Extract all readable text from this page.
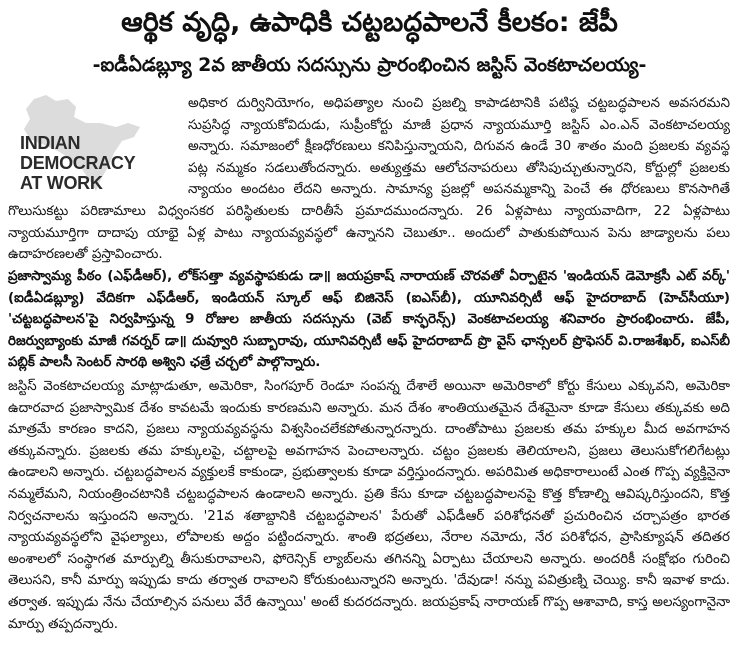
ఆర్థిక వృద్ధి, ఉపాధికి చట్టబద్ధపాలనే కీలకం: జేపీ
-ఐడీఏడబ్ల్యూ 2వ జాతీయ సదస్సును ప్రారంభించిన జస్టిస్ వెంకటాచలయ్య-
INDIAN
DEMOCRACY
AT WORK
అధికార దుర్వినియోగం, అధిపత్యాల నుంచి ప్రజల్ని కాపాడటానికి పటిష్ఠ చట్టబద్ధపాలన అవసరమని సుప్రసిద్ధ న్యాయకోవిదుడు, సుప్రీంకోర్టు మాజీ ప్రధాన న్యాయమూర్తి జస్టిస్ ఎం.ఎన్ వెంకటాచలయ్య అన్నారు. సమాజంలో క్షీణధోరణులు కనిపిస్తున్నాయని, దిగువన ఉండే 30 శాతం మంది ప్రజలకు వ్యవస్థ పట్ల నమ్మకం సడలుతోందన్నారు. అత్యుత్తమ ఆలోచనాపరులు తోసిపుచ్చుతున్నారని, కోర్టుల్లో ప్రజలకు న్యాయం అందటం లేదని అన్నారు. సామాన్య ప్రజల్లో అపనమ్మకాన్ని పెంచే ఈ ధోరణులు కొనసాగితే గొలుసుకట్టు పరిణామాలు విధ్వంసకర పరిస్థితులకు దారితీసే ప్రమాదముందన్నారు. 26 ఏళ్లపాటు న్యాయవాదిగా, 22 ఏళ్లపాటు న్యాయమూర్తిగా దాదాపు యాభై ఏళ్ల పాటు న్యాయవ్యవస్థలో ఉన్నానని చెబుతూ.. అందులో పాతుకుపోయిన పెను జాడ్యాలను పలు ఉదాహరణలతో ప్రస్తావించారు.

ప్రజాస్వామ్య పీఠం (ఎఫ్‌డీఆర్), లోక్‌సత్తా వ్యవస్థాపకుడు డా॥ జయప్రకాష్ నారాయణ్ చొరవతో ఏర్పాటైన 'ఇండియన్ డెమోక్రసీ ఎట్ వర్క్' (ఐడీఏడబ్ల్యూ) వేదికగా ఎఫ్‌డీఆర్, ఇండియన్ స్కూల్ ఆఫ్ బిజినెస్ (ఐఎస్‌బీ), యూనివర్సిటీ ఆఫ్ హైదరాబాద్ (హెచ్‌సీయూ) 'చట్టబద్ధపాలన'పై నిర్వహిస్తున్న 9 రోజుల జాతీయ సదస్సును (వెబ్ కాన్ఫరెన్స్) వెంకటాచలయ్య శనివారం ప్రారంభించారు. జేపీ, రిజర్వుబ్యాంకు మాజీ గవర్నర్ డా॥ దువ్వూరి సుబ్బారావు, యూనివర్సిటీ ఆఫ్ హైదరాబాద్ ప్రొ వైస్ ఛాన్సలర్ ప్రొఫెసర్ వి.రాజశేఖర్, ఐఎస్‌బీ పబ్లిక్ పాలసీ సెంటర్ సారథి అశ్విని ఛత్రే చర్చలో పాల్గొన్నారు.

జస్టిస్ వెంకటాచలయ్య మాట్లాడుతూ, అమెరికా, సింగపూర్ రెండూ సంపన్న దేశాలే అయినా అమెరికాలో కోర్టు కేసులు ఎక్కువని, అమెరికా ఉదారవాద ప్రజాస్వామిక దేశం కావటమే ఇందుకు కారణమని అన్నారు. మన దేశం శాంతియుతమైన దేశమైనా కూడా కేసులు తక్కువకు అది మాత్రమే కారణం కాదని, ప్రజలు న్యాయవ్యవస్థను విశ్వసించలేకపోతున్నారన్నారు. దాంతోపాటు ప్రజలకు తమ హక్కుల మీద అవగాహన తక్కువన్నారు. ప్రజలకు తమ హక్కులపై, చట్టాలపై అవగాహన పెంచాలన్నారు. చట్టం ప్రజలకు తెలియాలని, ప్రజలు తెలుసుకోగలిగేటట్లు ఉండాలని అన్నారు. చట్టబద్ధపాలన వ్యక్తులకే కాకుండా, ప్రభుత్వాలకు కూడా వర్తిస్తుందన్నారు. అపరిమిత అధికారాలుంటే ఎంత గొప్ప వ్యక్తినైనా నమ్మలేమని, నియంత్రించటానికి చట్టబద్ధపాలన ఉండాలని అన్నారు. ప్రతి కేసు కూడా చట్టబద్ధపాలనపై కొత్త కోణాల్ని ఆవిష్కరిస్తుందని, కొత్త నిర్వచనాలను ఇస్తుందని అన్నారు. '21వ శతాబ్దానికి చట్టబద్ధపాలన' పేరుతో ఎఫ్‌డీఆర్ పరిశోధనతో ప్రచురించిన చర్చాపత్రం భారత న్యాయవ్యవస్థలోని వైఫల్యాలు, లోపాలకు అద్దం పట్టిందన్నారు. శాంతి భద్రతలు, నేరాల నమోదు, నేర పరిశోధన, ప్రాసిక్యూషన్ తదితర అంశాలలో సంస్థాగత మార్పుల్ని తీసుకురావాలని, ఫోరెన్సిక్ ల్యాబ్‌లను తగినన్ని ఏర్పాటు చేయాలని అన్నారు. అందరికీ సంక్షోభం గురించి తెలుసని, కానీ మార్పు ఇప్పుడు కాదు తర్వాత రావాలని కోరుకుంటున్నారని అన్నారు. 'దేవుడా! నన్ను పవిత్రుణ్ని చెయ్యి. కానీ ఇవాళ కాదు. తర్వాత. ఇప్పుడు నేను చేయాల్సిన పనులు వేరే ఉన్నాయి' అంటే కుదరదన్నారు. జయప్రకాష్ నారాయణ్ గొప్ప ఆశావాది, కాస్త అలస్యంగానైనా మార్పు తప్పదన్నారు.
